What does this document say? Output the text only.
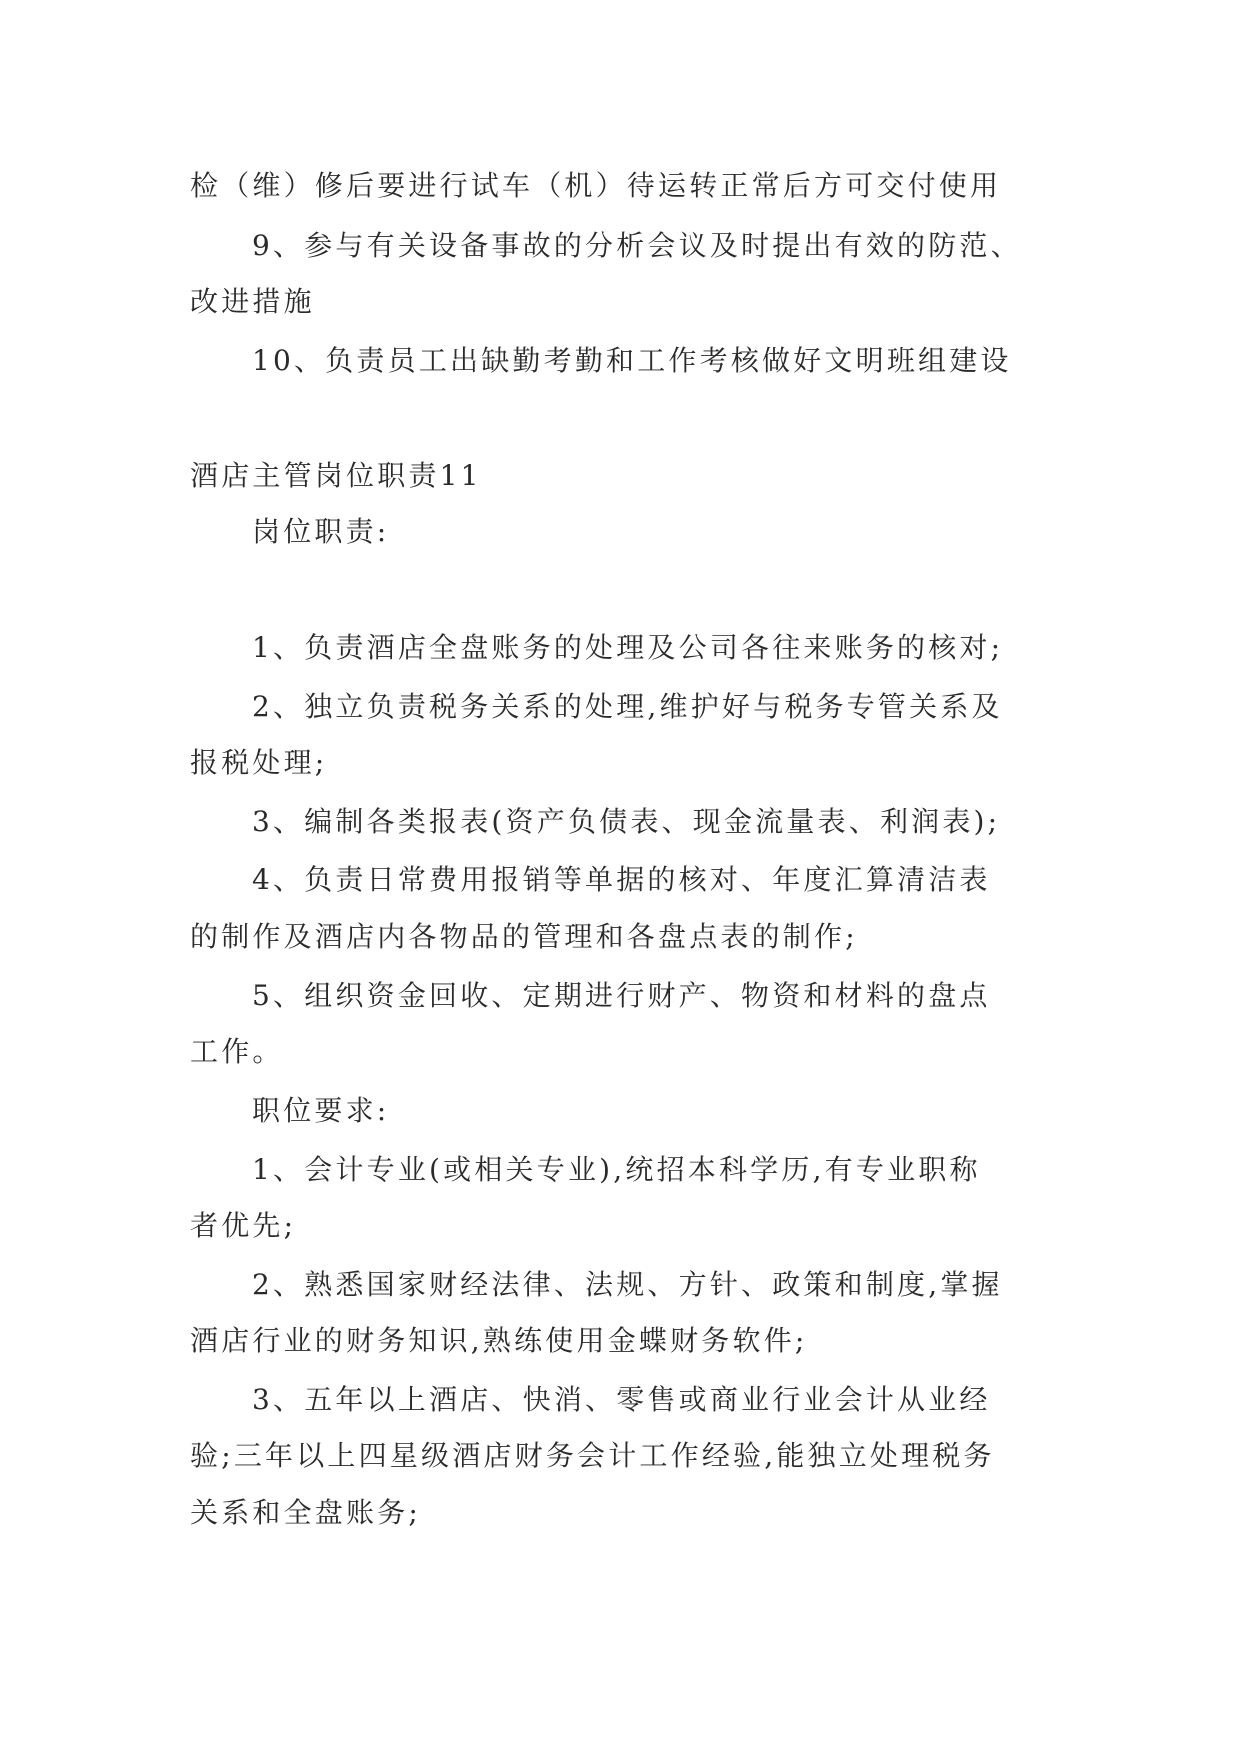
检（维）修后要进行试车（机）待运转正常后方可交付使用
9、参与有关设备事故的分析会议及时提出有效的防范、
改进措施
10、负责员工出缺勤考勤和工作考核做好文明班组建设
酒店主管岗位职责11
岗位职责:
1、负责酒店全盘账务的处理及公司各往来账务的核对;
2、独立负责税务关系的处理,维护好与税务专管关系及
报税处理;
3、编制各类报表(资产负债表、现金流量表、利润表);
4、负责日常费用报销等单据的核对、年度汇算清洁表
的制作及酒店内各物品的管理和各盘点表的制作;
5、组织资金回收、定期进行财产、物资和材料的盘点
工作。
职位要求:
1、会计专业(或相关专业),统招本科学历,有专业职称
者优先;
2、熟悉国家财经法律、法规、方针、政策和制度,掌握
酒店行业的财务知识,熟练使用金蝶财务软件;
3、五年以上酒店、快消、零售或商业行业会计从业经
验;三年以上四星级酒店财务会计工作经验,能独立处理税务
关系和全盘账务;
